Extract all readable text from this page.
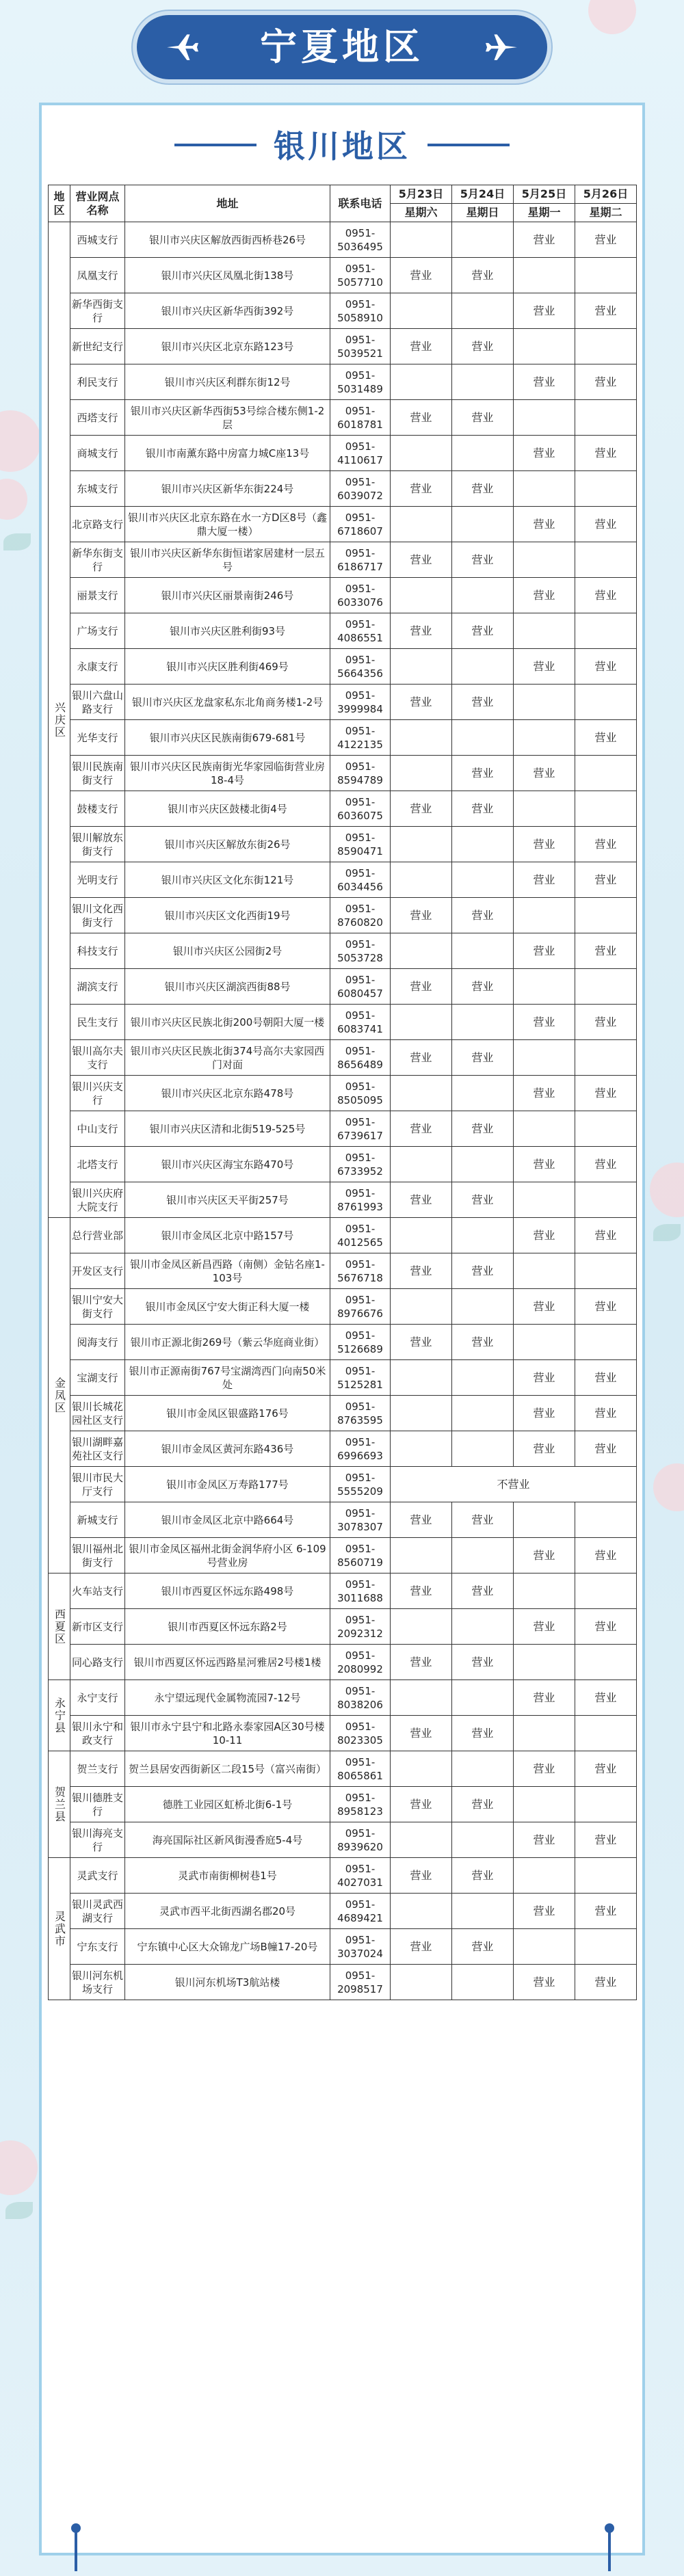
宁夏地区
银川地区
地区	营业网点名称	地址	联系电话	5月23日	5月24日	5月25日	5月26日
				星期六	星期日	星期一	星期二
兴庆区	西城支行	银川市兴庆区解放西街西桥巷26号	0951-5036495			营业	营业
	凤凰支行	银川市兴庆区凤凰北街138号	0951-5057710	营业	营业		
	新华西街支行	银川市兴庆区新华西街392号	0951-5058910			营业	营业
	新世纪支行	银川市兴庆区北京东路123号	0951-5039521	营业	营业		
	利民支行	银川市兴庆区利群东街12号	0951-5031489			营业	营业
	西塔支行	银川市兴庆区新华西街53号综合楼东侧1-2层	0951-6018781	营业	营业		
	商城支行	银川市南薰东路中房富力城C座13号	0951-4110617			营业	营业
	东城支行	银川市兴庆区新华东街224号	0951-6039072	营业	营业		
	北京路支行	银川市兴庆区北京东路在水一方D区8号（鑫鼎大厦一楼）	0951-6718607			营业	营业
	新华东街支行	银川市兴庆区新华东街恒诺家居建材一层五号	0951-6186717	营业	营业		
	丽景支行	银川市兴庆区丽景南街246号	0951-6033076			营业	营业
	广场支行	银川市兴庆区胜利街93号	0951-4086551	营业	营业		
	永康支行	银川市兴庆区胜利街469号	0951-5664356			营业	营业
	银川六盘山路支行	银川市兴庆区龙盘家私东北角商务楼1-2号	0951-3999984	营业	营业		
	光华支行	银川市兴庆区民族南街679-681号	0951-4122135				营业
	银川民族南街支行	银川市兴庆区民族南街光华家园临街营业房18-4号	0951-8594789		营业	营业	
	鼓楼支行	银川市兴庆区鼓楼北街4号	0951-6036075	营业	营业		
	银川解放东街支行	银川市兴庆区解放东街26号	0951-8590471			营业	营业
	光明支行	银川市兴庆区文化东街121号	0951-6034456			营业	营业
	银川文化西街支行	银川市兴庆区文化西街19号	0951-8760820	营业	营业		
	科技支行	银川市兴庆区公园街2号	0951-5053728			营业	营业
	湖滨支行	银川市兴庆区湖滨西街88号	0951-6080457	营业	营业		
	民生支行	银川市兴庆区民族北街200号朝阳大厦一楼	0951-6083741			营业	营业
	银川高尔夫支行	银川市兴庆区民族北街374号高尔夫家园西门对面	0951-8656489	营业	营业		
	银川兴庆支行	银川市兴庆区北京东路478号	0951-8505095			营业	营业
	中山支行	银川市兴庆区清和北街519-525号	0951-6739617	营业	营业		
	北塔支行	银川市兴庆区海宝东路470号	0951-6733952			营业	营业
	银川兴庆府大院支行	银川市兴庆区天平街257号	0951-8761993	营业	营业		
金凤区	总行营业部	银川市金凤区北京中路157号	0951-4012565			营业	营业
	开发区支行	银川市金凤区新昌西路（南侧）金钻名座1-103号	0951-5676718	营业	营业		
	银川宁安大街支行	银川市金凤区宁安大街正科大厦一楼	0951-8976676			营业	营业
	阅海支行	银川市正源北街269号（紫云华庭商业街）	0951-5126689	营业	营业		
	宝湖支行	银川市正源南街767号宝湖湾西门向南50米处	0951-5125281			营业	营业
	银川长城花园社区支行	银川市金凤区银盛路176号	0951-8763595			营业	营业
	银川湖畔嘉苑社区支行	银川市金凤区黄河东路436号	0951-6996693			营业	营业
	银川市民大厅支行	银川市金凤区万寿路177号	0951-5555209	不营业			
	新城支行	银川市金凤区北京中路664号	0951-3078307	营业	营业		
	银川福州北街支行	银川市金凤区福州北街金润华府小区 6-109号营业房	0951-8560719			营业	营业
西夏区	火车站支行	银川市西夏区怀远东路498号	0951-3011688	营业	营业		
	新市区支行	银川市西夏区怀远东路2号	0951-2092312			营业	营业
	同心路支行	银川市西夏区怀远西路星河雅居2号楼1楼	0951-2080992	营业	营业		
永宁县	永宁支行	永宁望远现代金属物流园7-12号	0951-8038206			营业	营业
	银川永宁和政支行	银川市永宁县宁和北路永泰家园A区30号楼10-11	0951-8023305	营业	营业		
贺兰县	贺兰支行	贺兰县居安西街新区二段15号（富兴南街）	0951-8065861			营业	营业
	银川德胜支行	德胜工业园区虹桥北街6-1号	0951-8958123	营业	营业		
	银川海亮支行	海亮国际社区新风街漫香庭5-4号	0951-8939620			营业	营业
灵武市	灵武支行	灵武市南街柳树巷1号	0951-4027031	营业	营业		
	银川灵武西湖支行	灵武市西平北街西湖名郡20号	0951-4689421			营业	营业
	宁东支行	宁东镇中心区大众锦龙广场B幢17-20号	0951-3037024	营业	营业		
	银川河东机场支行	银川河东机场T3航站楼	0951-2098517			营业	营业
